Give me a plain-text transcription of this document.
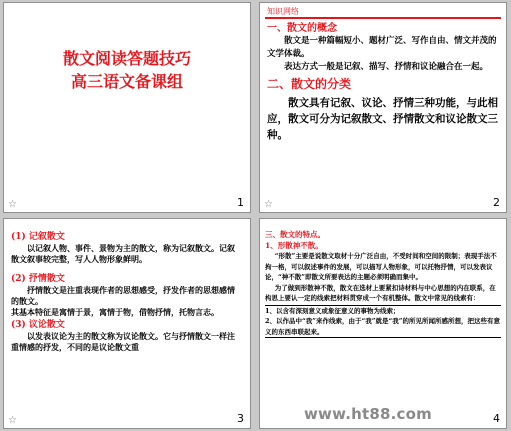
散文阅读答题技巧
高三语文备课组
☆	1
知识网络
一、散文的概念
散文是一种篇幅短小、题材广泛、写作自由、情文并茂的文学体裁。
表达方式一般是记叙、描写、抒情和议论融合在一起。
二、散文的分类
散文具有记叙、议论、抒情三种功能，与此相应，散文可分为记叙散文、抒情散文和议论散文三种。
☆	2
(1) 记叙散文
以记叙人物、事件、景物为主的散文，称为记叙散文。记叙散文叙事较完整，写人人物形象鲜明。
(2) 抒情散文
抒情散文是注重表现作者的思想感受，抒发作者的思想感情的散文。
其基本特征是寓情于景，寓情于物，借物抒情，托物言志。
(3) 议论散文
以发表议论为主的散文称为议论散文。它与抒情散文一样注重情感的抒发，不同的是议论散文重
☆	3
三、散文的特点。
1、形散神不散。
“形散”主要是说散文取材十分广泛自由，不受时间和空间的限制；表现手法不拘一格，可以叙述事件的发展，可以描写人物形象，可以托物抒情，可以发表议论，“神不散”即散文所要表达的主题必须明确而集中。
为了做到形散神不散，散文在选材上要紧扣诗材料与中心思想的内在联系，在构思上要认一定的线索把材料贯穿成一个有机整体。散文中常见的线索有：
1、以含有深刻意义或象征意义的事物为线索；
2、以作品中“我”来作线索，由于“我”就是“我”的所见所闻所感所想，把这些有意义的东西串联起来。
4
www.ht88.com
